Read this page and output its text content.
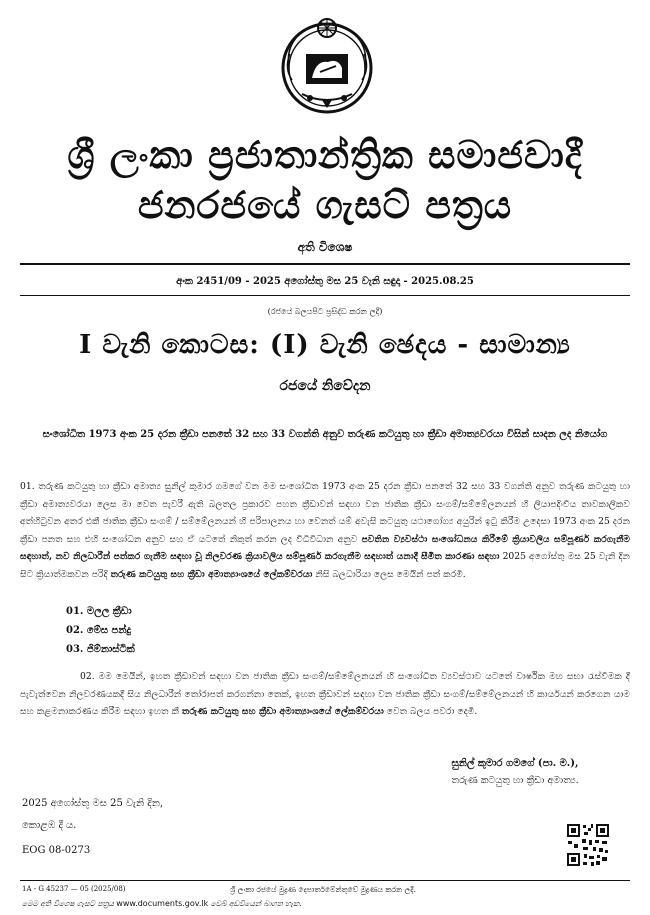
ශ්‍රී ලංකා ප්‍රජාතාන්ත්‍රික සමාජවාදී ජනරජයේ ගැසට් පත්‍රය
අති විශෙෂ
අංක 2451/09 - 2025 අගෝස්තු මස 25 වැනි සඳුදා - 2025.08.25
(රජයේ බලයපිට ප්‍රසිද්ධ කරන ලදී)
I වැනි කොටස: (I) වැනි ඡෙදය - සාමාන්‍ය
රජයේ නිවේදන
සංශෝධිත 1973 අංක 25 දරන ක්‍රීඩා පනතේ 32 සහ 33 වගන්ති අනුව තරුණ කටයුතු හා ක්‍රීඩා අමාත්‍යවරයා විසින් සාදන ලද නියෝග
01. තරුණ කටයුතු හා ක්‍රීඩා අමාත්‍ය සුනිල් කුමාර ගමගේ වන මම සංශෝධිත 1973 අංක 25 දරන ක්‍රීඩා පනතේ 32 සහ 33 වගන්ති අනුව තරුණ කටයුතු හා ක්‍රීඩා අමාත්‍යවරයා ලෙස මා වෙත පැවරී ඇති බලතල ප්‍රකාරව පහත ක්‍රීඩාවන් සඳහා වන ජාතික ක්‍රීඩා සංගම්/සම්මේලනයන් හි ලියාපදිංචිය තාවකාලිකව අත්හිටුවන අතර එකී ජාතික ක්‍රීඩා සංගම් / සම්මේලනයන් හි පරිපාලනය හා වෙනත් යම් අවැසි කටයුතු යථාගෝග්‍ය අයුරින් ඉටු කිරීම උදෙසා 1973 අංක 25 දරන ක්‍රීඩා පනත සහ එහි සංශෝධන අනුව සහ ඒ යටතේ නිකුත් කරන ලද විධිවිධාන අනුව පවතින ව්‍යවස්ථා සංශෝධනය කිරීමේ ක්‍රියාවලිය සම්පූර්ණ කරගැනීම සඳහාත්, නව නිලධාරීන් පත්කර ගැනීම සඳහා වූ නිලවරණ ක්‍රියාවලිය සම්පූර්ණ කරගැනීම සඳහාත් යනාදී සීමිත කාරණා සඳහා 2025 අගෝස්තු මස 25 වැනි දින සිට ක්‍රියාත්මකවන පරිදි තරුණ කටයුතු සහ ක්‍රීඩා අමාත්‍යාංශයේ ලේකම්වරයා නිසි බලධාරියා ලෙස මෙයින් පත් කරමි.
01. මලල ක්‍රීඩා
02. මේස පන්දු
03. ජිම්නාස්ටික්
02. මම මෙයින්, ඉහත ක්‍රීඩාවන් සඳහා වන ජාතික ක්‍රීඩා සංගම්/සම්මේලනයන් හි සංශෝධිත ව්‍යවස්ථාව යටතේ වාර්ෂික මහ සභා රැස්වීමක දී පැවැත්වෙන නිලවරණයකදී සිය නිලධාරීන් තෝරාපත් කරගන්නා තෙක්, ඉහත ක්‍රීඩාවන් සඳහා වන ජාතික ක්‍රීඩා සංගම්/සම්මේලනයන් හි කාර්යයන් කරගෙන යාම සහ කළමනාකරණය කිරීම සඳහා ඉහත කී තරුණ කටයුතු සහ ක්‍රීඩා අමාත්‍යාංශයේ ලේකම්වරයා වෙත බලය පවරා දෙමි.
සුනිල් කුමාර ගමගේ (පා. ම.),
තරුණ කටයුතු හා ක්‍රීඩා අමාත්‍ය.
2025 අගෝස්තු මස 25 වැනි දින,
කොළඹ දී ය.
EOG 08-0273
1A - G 45237 — 05 (2025/08)	ශ්‍රී ලංකා රජයේ මුද්‍රණ දෙපාර්තමේන්තුවේ මුද්‍රණය කරන ලදී.
මෙම අති විශෙෂ ගැසට් පත්‍රය www.documents.gov.lk වෙබ් අඩවියෙන් බාගත හැක.
